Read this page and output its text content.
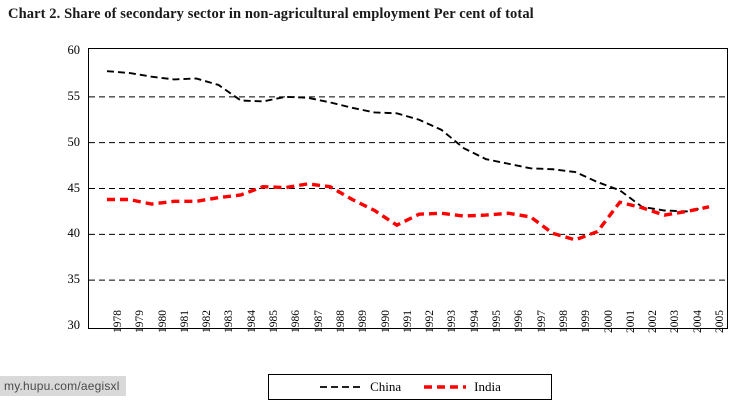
Chart 2. Share of secondary sector in non-agricultural employment Per cent of total
30
35
40
45
50
55
60
1978 1979 1980 1981 1982 1983 1984 1985 1986 1987 1988 1989 1990 1991 1992 1993 1994 1995 1996 1997 1998 1999 2000 2001 2002 2003 2004 2005
China	India
my.hupu.com/aegisxl
